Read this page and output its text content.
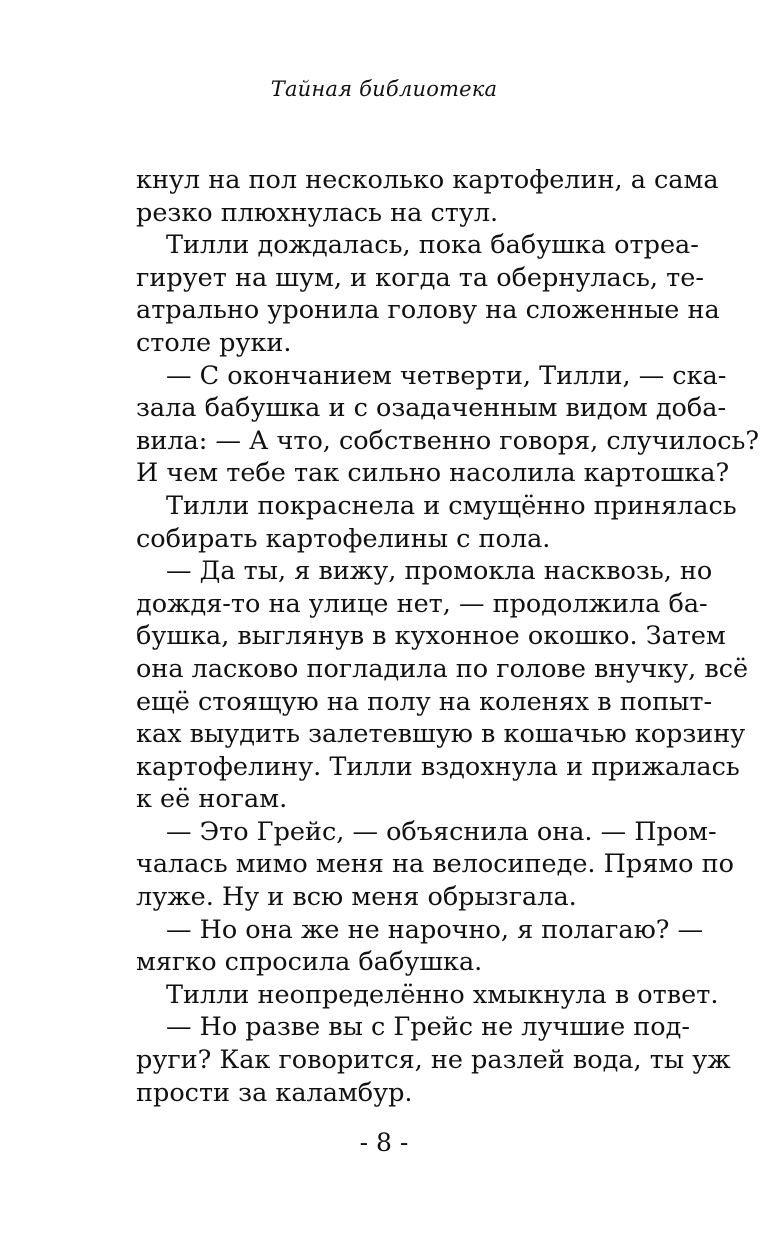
Тайная библиотека
кнул на пол несколько картофелин, а сама
резко плюхнулась на стул.
Тилли дождалась, пока бабушка отреа-
гирует на шум, и когда та обернулась, те-
атрально уронила голову на сложенные на
столе руки.
— С окончанием четверти, Тилли, — ска-
зала бабушка и с озадаченным видом доба-
вила: — А что, собственно говоря, случилось?
И чем тебе так сильно насолила картошка?
Тилли покраснела и смущённо принялась
собирать картофелины с пола.
— Да ты, я вижу, промокла насквозь, но
дождя-то на улице нет, — продолжила ба-
бушка, выглянув в кухонное окошко. Затем
она ласково погладила по голове внучку, всё
ещё стоящую на полу на коленях в попыт-
ках выудить залетевшую в кошачью корзину
картофелину. Тилли вздохнула и прижалась
к её ногам.
— Это Грейс, — объяснила она. — Пром-
чалась мимо меня на велосипеде. Прямо по
луже. Ну и всю меня обрызгала.
— Но она же не нарочно, я полагаю? —
мягко спросила бабушка.
Тилли неопределённо хмыкнула в ответ.
— Но разве вы с Грейс не лучшие под-
руги? Как говорится, не разлей вода, ты уж
прости за каламбур.
- 8 -
